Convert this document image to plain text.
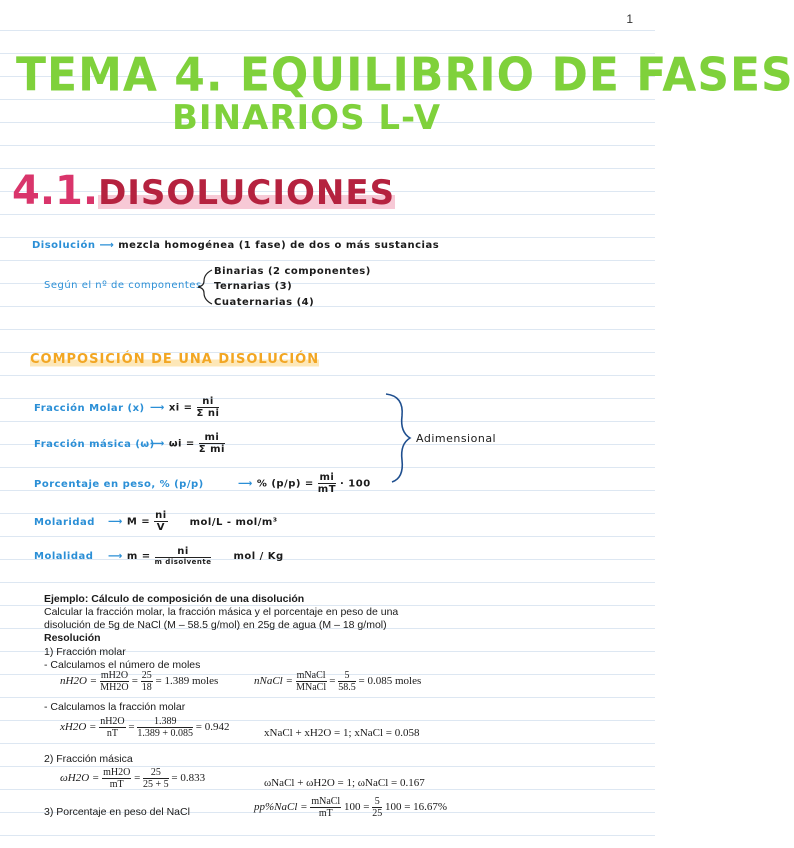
1
TEMA 4. EQUILIBRIO DE FASES
BINARIOS L-V
4.1.DISOLUCIONES
Disolución ⟶ mezcla homogénea (1 fase) de dos o más sustancias
Según el nº de componentes
Binarias (2 componentes)
Ternarias (3)
Cuaternarias (4)
COMPOSICIÓN DE UNA DISOLUCIÓN
Fracción Molar (x) ⟶ xi = $\frac{ni}{\text{Σ ni}}$
Fracción másica (ω) ⟶ $\omega i = \frac{mi}{\text{Σ mi}}$
Porcentaje en peso, % (p/p)	⟶ % $(p/p) = \frac{mi}{mT} \cdot 100$
Molaridad ⟶ $M = \frac{ni}{V} mol/L - mol/m^3$
Molalidad ⟶ $m = \frac{ni}{\text{m disolvente}}$ mol / Kg
Adimensional
Ejemplo: Cálculo de composición de una disolución
Calcular la fracción molar, la fracción másica y el porcentaje en peso de una
disolución de 5g de NaCl (M – 58.5 g/mol) en 25g de agua (M – 18 g/mol)
Resolución
1) Fracción molar
- Calculamos el número de moles
$nH2O = \frac{mH2O}{MH2O} = \frac{25}{18} = 1.389$ moles	nNaCl = $\frac{\text{mNaCl}}{\text{MNaCl}} = \frac{5}{58.5} = 0.085$ moles
- Calculamos la fracción molar
$xH2O = \frac{nH2O}{nT} = \frac{1.389}{1.389 + 0.085} = 0.942$	xNaCl + xH2O = 1; xNaCl = 0.058
2) Fracción másica
$\omega H2O = \frac{mH2O}{mT} = \frac{25}{25 + 5} = 0.833$	ωNaCl + ωH2O = 1; ωNaCl = 0.167
3) Porcentaje en peso del NaCl	pp%NaCl = $\frac{\text{mNaCl}}{mT} 100 = \frac{5}{25} 100 = 16.67\%$
